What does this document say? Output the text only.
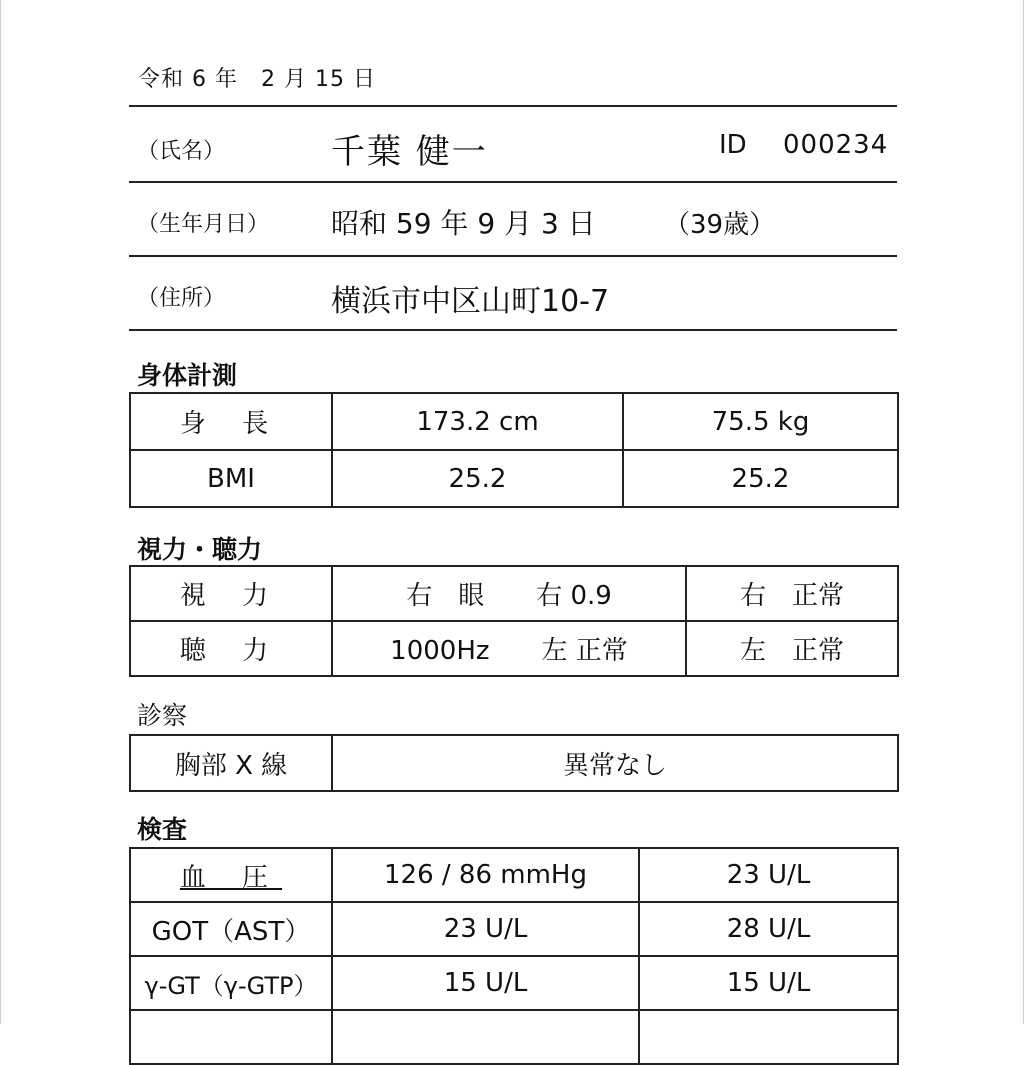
令和 6 年　2 月 15 日
（氏名）	千葉 健一	ID 000234
（生年月日） 昭和 59 年 9 月 3 日	（39歳）
（住所）	横浜市中区山町10-7
身体計測
身 長	173.2 cm	75.5 kg
BMI	25.2	25.2
視力・聴力
視 力	右　眼　　右 0.9	右　正常
聴 力	1000Hz　　左 正常	左　正常
診察
胸部 X 線	異常なし
検査
血 圧	126 / 86 mmHg	23 U/L
GOT（AST）	23 U/L	28 U/L
γ-GT（γ-GTP）	15 U/L	15 U/L
